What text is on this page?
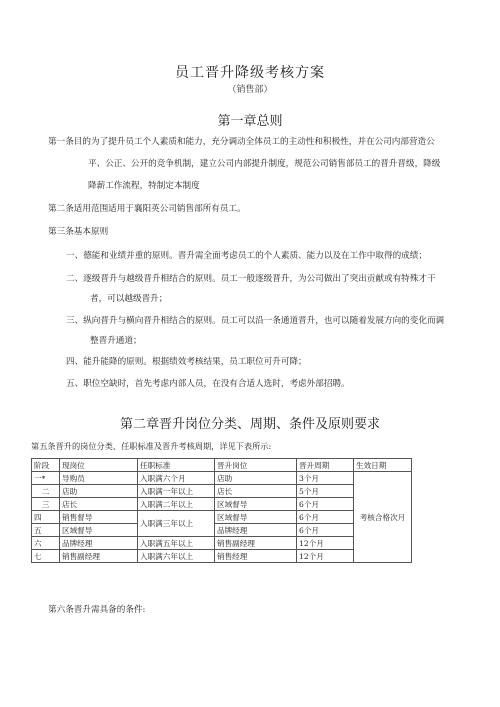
员工晋升降级考核方案
（销售部）
第一章总则
第一条目的为了提升员工个人素质和能力，充分调动全体员工的主动性和积极性，并在公司内部营造公
平、公正、公开的竞争机制，建立公司内部提升制度，规范公司销售部员工的晋升晋级，降级
降薪工作流程，特制定本制度
第二条适用范围适用于襄阳英公司销售部所有员工。
第三条基本原则
一、德能和业绩并重的原则。晋升需全面考虑员工的个人素质、能力以及在工作中取得的成绩；
二、逐级晋升与越级晋升相结合的原则。员工一般逐级晋升，为公司做出了突出贡献或有特殊才干
者，可以越级晋升；
三、纵向晋升与横向晋升相结合的原则。员工可以沿一条通道晋升，也可以随着发展方向的变化而调
整晋升通道；
四、能升能降的原则。根据绩效考核结果，员工职位可升可降；
五、职位空缺时，首先考虑内部人员，在没有合适人选时，考虑外部招聘。
第二章晋升岗位分类、周期、条件及原则要求
第五条晋升的岗位分类、任职标准及晋升考核周期，详见下表所示:
阶段	现岗位	任职标准	晋升岗位	晋升周期	生效日期
一*	导购员	入职满六个月	店助	3个月	考核合格次月
二	店助	入职满一年以上	店长	5个月	
三	店长	入职满二年以上	区域督导	6个月	
四	销售督导	入职满三年以上	区域督导	6个月	
五	区域督导		品牌经理	6个月	
六	品牌经理	入职满五年以上	销售副经理	12个月	
七	销售副经理	入职满六年以上	销售经理	12个月	
第六条晋升需具备的条件:
